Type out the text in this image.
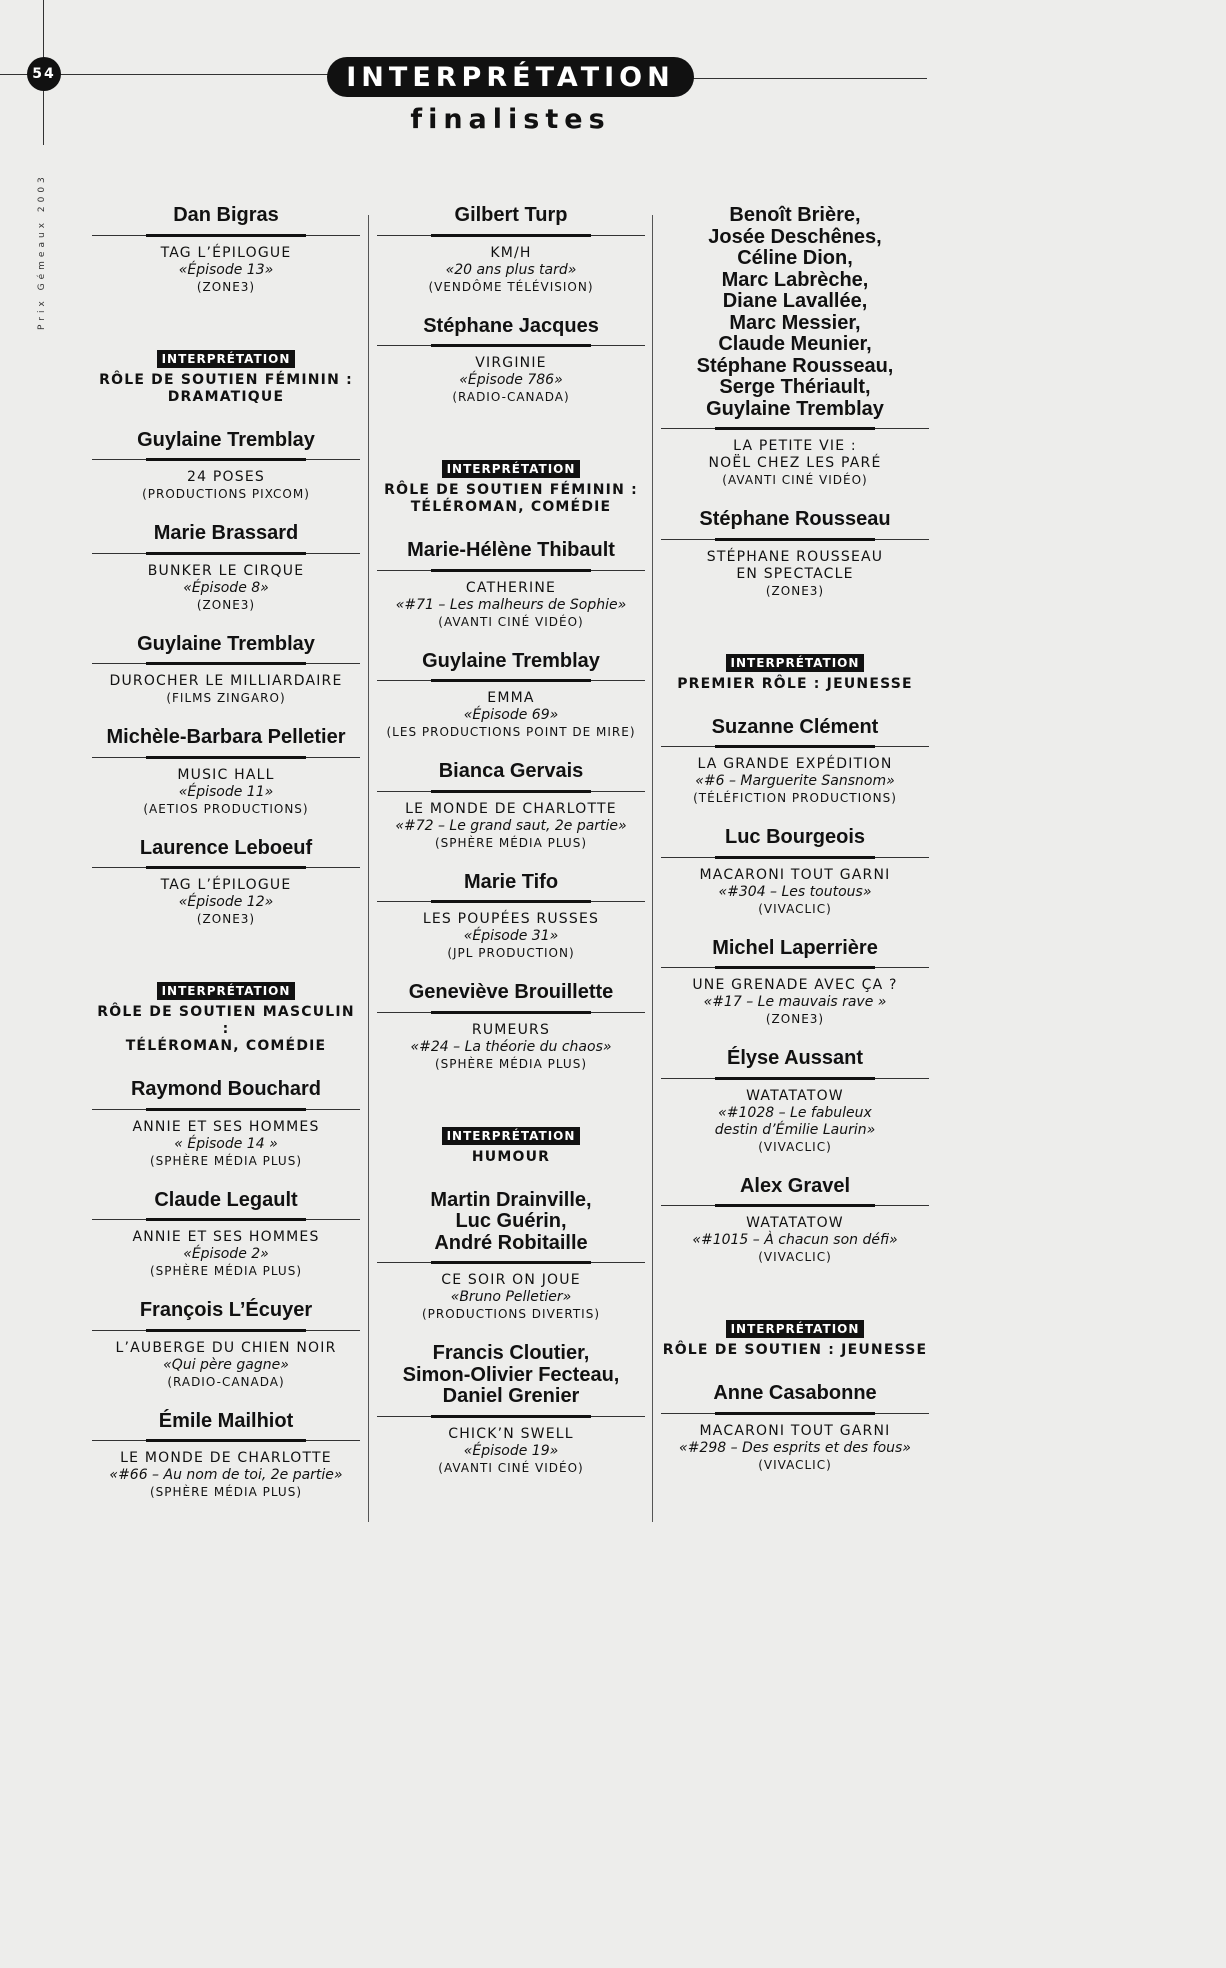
54	INTERPRÉTATION
finalistes
Prix Gémeaux 2003	Dan Bigras
TAG L’ÉPILOGUE
«Épisode 13»
(ZONE3)
INTERPRÉTATION
RÔLE DE SOUTIEN FÉMININ :
DRAMATIQUE
Guylaine Tremblay
24 POSES
(PRODUCTIONS PIXCOM)
Marie Brassard
BUNKER LE CIRQUE
«Épisode 8»
(ZONE3)
Guylaine Tremblay
DUROCHER LE MILLIARDAIRE
(FILMS ZINGARO)
Michèle-Barbara Pelletier
MUSIC HALL
«Épisode 11»
(AETIOS PRODUCTIONS)
Laurence Leboeuf
TAG L’ÉPILOGUE
«Épisode 12»
(ZONE3)
INTERPRÉTATION
RÔLE DE SOUTIEN MASCULIN :
TÉLÉROMAN, COMÉDIE
Raymond Bouchard
ANNIE ET SES HOMMES
« Épisode 14 »
(SPHÈRE MÉDIA PLUS)
Claude Legault
ANNIE ET SES HOMMES
«Épisode 2»
(SPHÈRE MÉDIA PLUS)
François L’Écuyer
L’AUBERGE DU CHIEN NOIR
«Qui père gagne»
(RADIO-CANADA)
Émile Mailhiot
LE MONDE DE CHARLOTTE
«#66 – Au nom de toi, 2e partie»
(SPHÈRE MÉDIA PLUS)
Gilbert Turp
KM/H
«20 ans plus tard»
(VENDÔME TÉLÉVISION)
Stéphane Jacques
VIRGINIE
«Épisode 786»
(RADIO-CANADA)
INTERPRÉTATION
RÔLE DE SOUTIEN FÉMININ :
TÉLÉROMAN, COMÉDIE
Marie-Hélène Thibault
CATHERINE
«#71 – Les malheurs de Sophie»
(AVANTI CINÉ VIDÉO)
Guylaine Tremblay
EMMA
«Épisode 69»
(LES PRODUCTIONS POINT DE MIRE)
Bianca Gervais
LE MONDE DE CHARLOTTE
«#72 – Le grand saut, 2e partie»
(SPHÈRE MÉDIA PLUS)
Marie Tifo
LES POUPÉES RUSSES
«Épisode 31»
(JPL PRODUCTION)
Geneviève Brouillette
RUMEURS
«#24 – La théorie du chaos»
(SPHÈRE MÉDIA PLUS)
INTERPRÉTATION
HUMOUR
Martin Drainville,
Luc Guérin,
André Robitaille
CE SOIR ON JOUE
«Bruno Pelletier»
(PRODUCTIONS DIVERTIS)
Francis Cloutier,
Simon-Olivier Fecteau,
Daniel Grenier
CHICK’N SWELL
«Épisode 19»
(AVANTI CINÉ VIDÉO)
Benoît Brière,
Josée Deschênes,
Céline Dion,
Marc Labrèche,
Diane Lavallée,
Marc Messier,
Claude Meunier,
Stéphane Rousseau,
Serge Thériault,
Guylaine Tremblay
LA PETITE VIE :
NOËL CHEZ LES PARÉ
(AVANTI CINÉ VIDÉO)
Stéphane Rousseau
STÉPHANE ROUSSEAU
EN SPECTACLE
(ZONE3)
INTERPRÉTATION
PREMIER RÔLE : JEUNESSE
Suzanne Clément
LA GRANDE EXPÉDITION
«#6 – Marguerite Sansnom»
(TÉLÉFICTION PRODUCTIONS)
Luc Bourgeois
MACARONI TOUT GARNI
«#304 – Les toutous»
(VIVACLIC)
Michel Laperrière
UNE GRENADE AVEC ÇA ?
«#17 – Le mauvais rave »
(ZONE3)
Élyse Aussant
WATATATOW
«#1028 – Le fabuleux
destin d’Émilie Laurin»
(VIVACLIC)
Alex Gravel
WATATATOW
«#1015 – À chacun son défi»
(VIVACLIC)
INTERPRÉTATION
RÔLE DE SOUTIEN : JEUNESSE
Anne Casabonne
MACARONI TOUT GARNI
«#298 – Des esprits et des fous»
(VIVACLIC)
